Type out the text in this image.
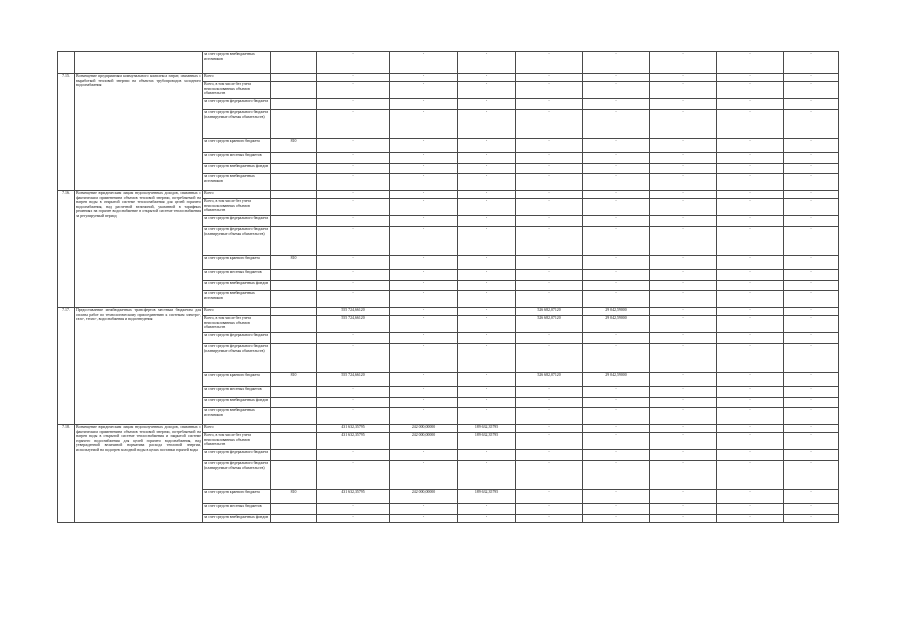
		за счет средств внебюджетных источников		-	-	-	-	-	-	-	-
7.15.	Возмещение предприятиям коммунального комплекса затрат, связанных с выработкой тепловой энергии на объектах трубопроводов холодного водоснабжения	Всего		-	-	-	-	-	-	-	-
		Всего, в том числе без учета неиспользованных объемов обязательств		-	-	-	-	-	-	-	-
		за счет средств федерального бюджета		-	-	-	-	-	-	-	-
		за счет средств федерального бюджета (планируемые объемы обязательств)		-	-	-	-	-	-	-	-
		за счет средств краевого бюджета	810	-	-	-	-	-	-	-	-
		за счет средств местных бюджетов		-	-	-	-	-	-	-	-
		за счет средств внебюджетных фондов		-	-	-	-	-	-	-	-
		за счет средств внебюджетных источников		-	-	-	-	-	-	-	-
7.16.	Возмещение юридическим лицам недополученных доходов, связанных с фактическим применением объемов тепловой энергии, потребляемой на нагрев воды в открытой системе теплоснабжения для целей горячего водоснабжения, над расчетной величиной, указанной в тарифных решениях на горячее водоснабжение в открытой системе теплоснабжения за регулируемый период	Всего		-	-	-	-	-	-	-	-
		Всего, в том числе без учета неиспользованных объемов обязательств		-	-	-	-	-	-	-	-
		за счет средств федерального бюджета		-	-	-	-	-	-	-	-
		за счет средств федерального бюджета (планируемые объемы обязательств)		-	-	-	-	-	-	-	-
		за счет средств краевого бюджета	810	-	-	-	-	-	-	-	-
		за счет средств местных бюджетов		-	-	-	-	-	-	-	-
		за счет средств внебюджетных фондов		-	-	-	-	-	-	-	-
		за счет средств внебюджетных источников		-	-	-	-	-	-	-	-
7.17.	Предоставление межбюджетных трансфертов местным бюджетам для оплаты работ по технологическому присоединению к системам электро-, газо-, тепло-, водоснабжения и водоотведения	Всего		555 724,66120	-	-	526 682,07120	29 042,59000	-	-	-
		Всего, в том числе без учета неиспользованных объемов обязательств		555 724,66120	-	-	526 682,07120	29 042,59000	-	-	-
		за счет средств федерального бюджета		-	-	-	-	-	-	-	-
		за счет средств федерального бюджета (планируемые объемы обязательств)		-	-	-	-	-	-	-	-
		за счет средств краевого бюджета	810	555 724,66120	-	-	526 682,07120	29 042,59000	-	-	-
		за счет средств местных бюджетов		-	-	-	-	-	-	-	-
		за счет средств внебюджетных фондов		-	-	-	-	-	-	-	-
		за счет средств внебюджетных источников		-	-	-	-	-	-	-	-
7.18.	Возмещение юридическим лицам недополученных доходов, связанных с фактическим применением объемов тепловой энергии, потребляемой на нагрев воды в открытой системе теплоснабжения и закрытой системе горячего водоснабжения для целей горячего водоснабжения, над утвержденной величиной норматива расхода тепловой энергии, используемой на подогрев холодной воды в целях поставки горячей воды	Всего		431 632,35795	242 000,00000	189 632,35795	-	-	-	-	-
		Всего, в том числе без учета неиспользованных объемов обязательств		431 632,35795	242 000,00000	189 632,35795	-	-	-	-	-
		за счет средств федерального бюджета		-	-	-	-	-	-	-	-
		за счет средств федерального бюджета (планируемые объемы обязательств)		-	-	-	-	-	-	-	-
		за счет средств краевого бюджета	810	431 632,35795	242 000,00000	189 632,35795	-	-	-	-	-
		за счет средств местных бюджетов		-	-	-	-	-	-	-	-
		за счет средств внебюджетных фондов		-	-	-	-	-	-	-	-
